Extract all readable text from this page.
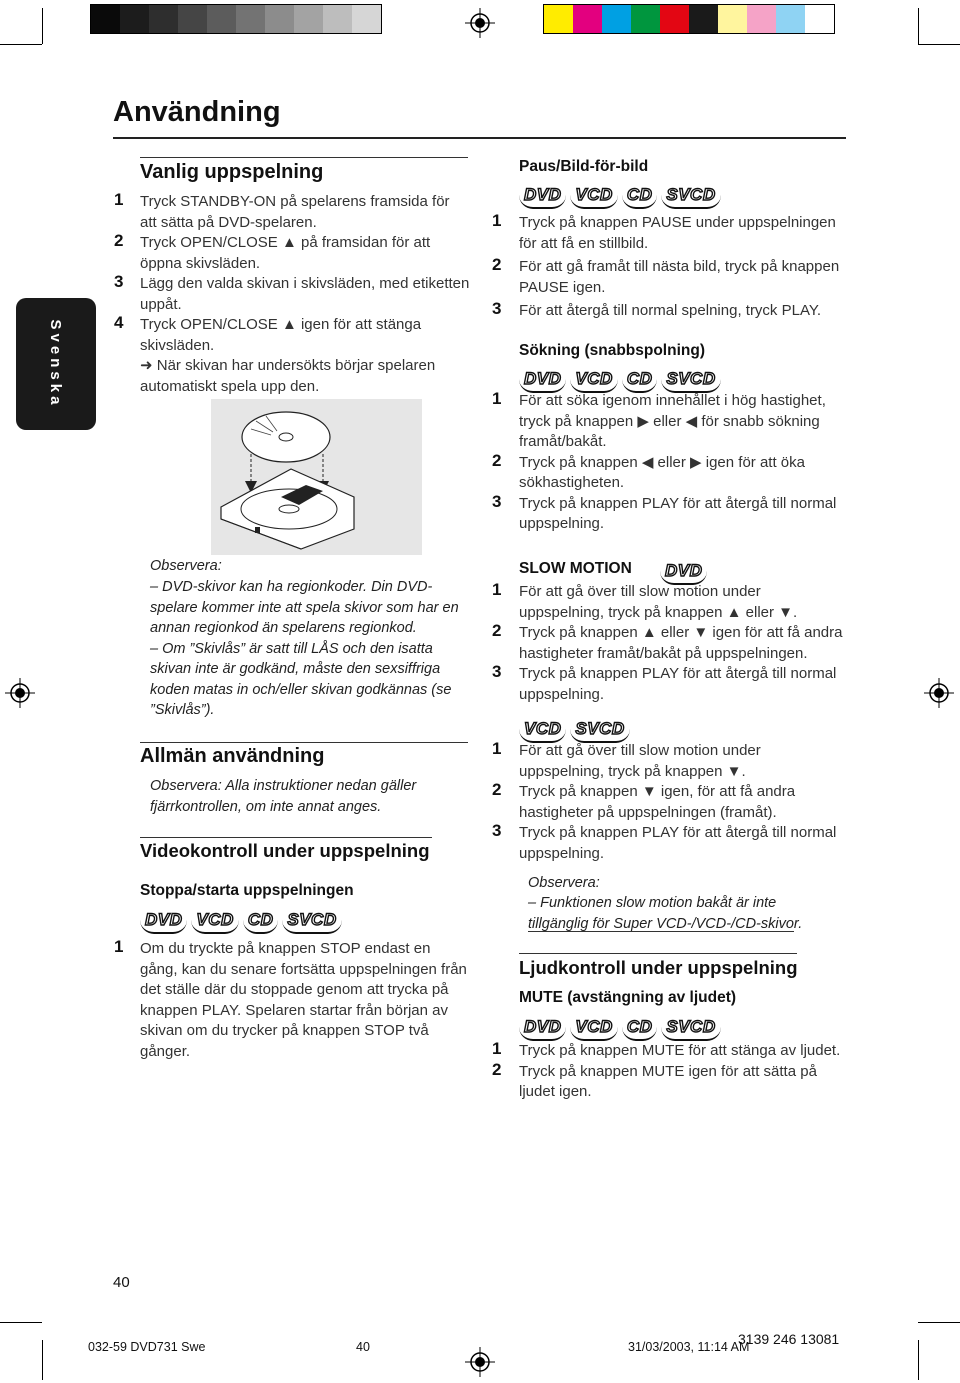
Användning
Svenska
Vanlig uppspelning
1 Tryck STANDBY-ON på spelarens framsida för
att sätta på DVD-spelaren.
2 Tryck OPEN/CLOSE ▲ på framsidan för att
öppna skivsläden.
3 Lägg den valda skivan i skivsläden, med etiketten
uppåt.
4 Tryck OPEN/CLOSE ▲ igen för att stänga
skivsläden.
➜ När skivan har undersökts börjar spelaren
automatiskt spela upp den.
Observera:
– DVD-skivor kan ha regionkoder. Din DVD-
spelare kommer inte att spela skivor som har en
annan regionkod än spelarens regionkod.
– Om ”Skivlås” är satt till LÅS och den isatta
skivan inte är godkänd, måste den sexsiffriga
koden matas in och/eller skivan godkännas (se
”Skivlås”).
Allmän användning
Observera: Alla instruktioner nedan gäller
fjärrkontrollen, om inte annat anges.
Videokontroll under uppspelning
Stoppa/starta uppspelningen
DVD VCD CD SVCD
1 Om du tryckte på knappen STOP endast en
gång, kan du senare fortsätta uppspelningen från
det ställe där du stoppade genom att trycka på
knappen PLAY. Spelaren startar från början av
skivan om du trycker på knappen STOP två
gånger.
Paus/Bild-för-bild
DVD VCD CD SVCD
1 Tryck på knappen PAUSE under uppspelningen
för att få en stillbild.
2 För att gå framåt till nästa bild, tryck på knappen
PAUSE igen.
3 För att återgå till normal spelning, tryck PLAY.
Sökning (snabbspolning)
DVD VCD CD SVCD
1 För att söka igenom innehållet i hög hastighet,
tryck på knappen ▶ eller ◀ för snabb sökning
framåt/bakåt.
2 Tryck på knappen ◀ eller ▶ igen för att öka
sökhastigheten.
3 Tryck på knappen PLAY för att återgå till normal
uppspelning.
SLOW MOTION DVD
1 För att gå över till slow motion under
uppspelning, tryck på knappen ▲ eller ▼.
2 Tryck på knappen ▲ eller ▼ igen för att få andra
hastigheter framåt/bakåt på uppspelningen.
3 Tryck på knappen PLAY för att återgå till normal
uppspelning.
VCD SVCD
1 För att gå över till slow motion under
uppspelning, tryck på knappen ▼.
2 Tryck på knappen ▼ igen, för att få andra
hastigheter på uppspelningen (framåt).
3 Tryck på knappen PLAY för att återgå till normal
uppspelning.
Observera:
– Funktionen slow motion bakåt är inte
tillgänglig för Super VCD-/VCD-/CD-skivor.
Ljudkontroll under uppspelning
MUTE (avstängning av ljudet)
DVD VCD CD SVCD
1 Tryck på knappen MUTE för att stänga av ljudet.
2 Tryck på knappen MUTE igen för att sätta på
ljudet igen.
40
032-59 DVD731 Swe	40	31/03/2003, 11:14 AM
3139 246 13081
